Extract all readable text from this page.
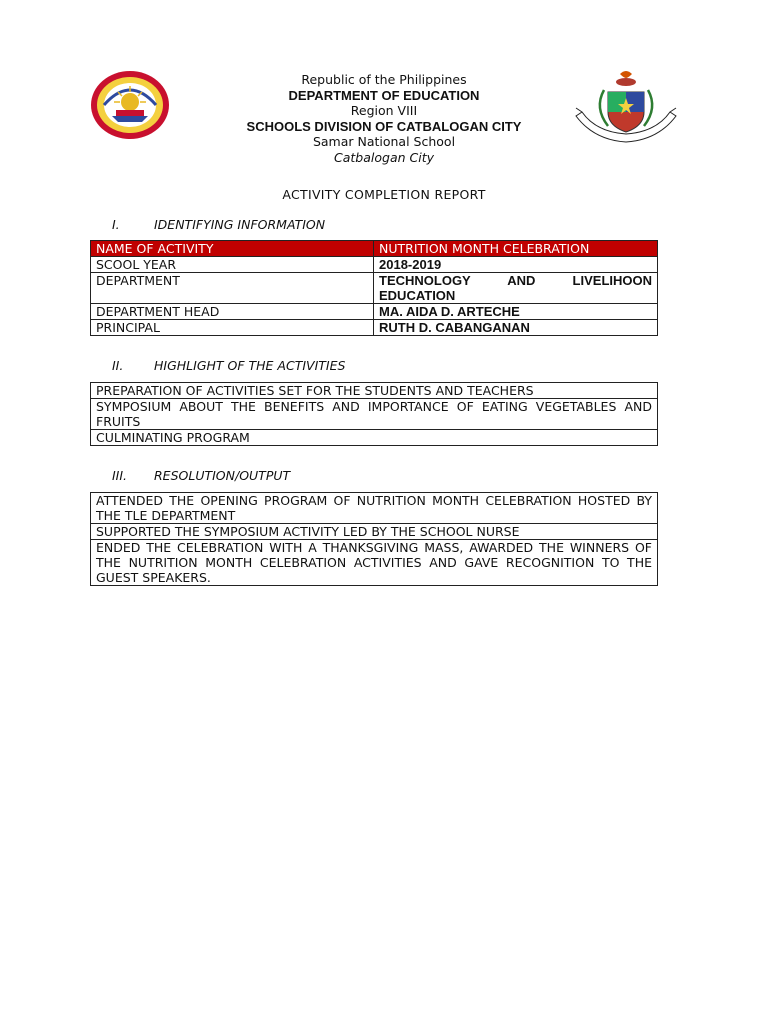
Republic of the Philippines
DEPARTMENT OF EDUCATION
Region VIII
SCHOOLS DIVISION OF CATBALOGAN CITY
Samar National School
Catbalogan City
ACTIVITY COMPLETION REPORT
I.	IDENTIFYING INFORMATION
NAME OF ACTIVITY	NUTRITION MONTH CELEBRATION
SCOOL YEAR	2018-2019
DEPARTMENT	TECHNOLOGY AND LIVELIHOON EDUCATION
DEPARTMENT HEAD	MA. AIDA D. ARTECHE
PRINCIPAL	RUTH D. CABANGANAN
II. HIGHLIGHT OF THE ACTIVITIES
PREPARATION OF ACTIVITIES SET FOR THE STUDENTS AND TEACHERS
SYMPOSIUM ABOUT THE BENEFITS AND IMPORTANCE OF EATING VEGETABLES AND FRUITS
CULMINATING PROGRAM
III. RESOLUTION/OUTPUT
ATTENDED THE OPENING PROGRAM OF NUTRITION MONTH CELEBRATION HOSTED BY THE TLE DEPARTMENT
SUPPORTED THE SYMPOSIUM ACTIVITY LED BY THE SCHOOL NURSE
ENDED THE CELEBRATION WITH A THANKSGIVING MASS, AWARDED THE WINNERS OF THE NUTRITION MONTH CELEBRATION ACTIVITIES AND GAVE RECOGNITION TO THE GUEST SPEAKERS.
